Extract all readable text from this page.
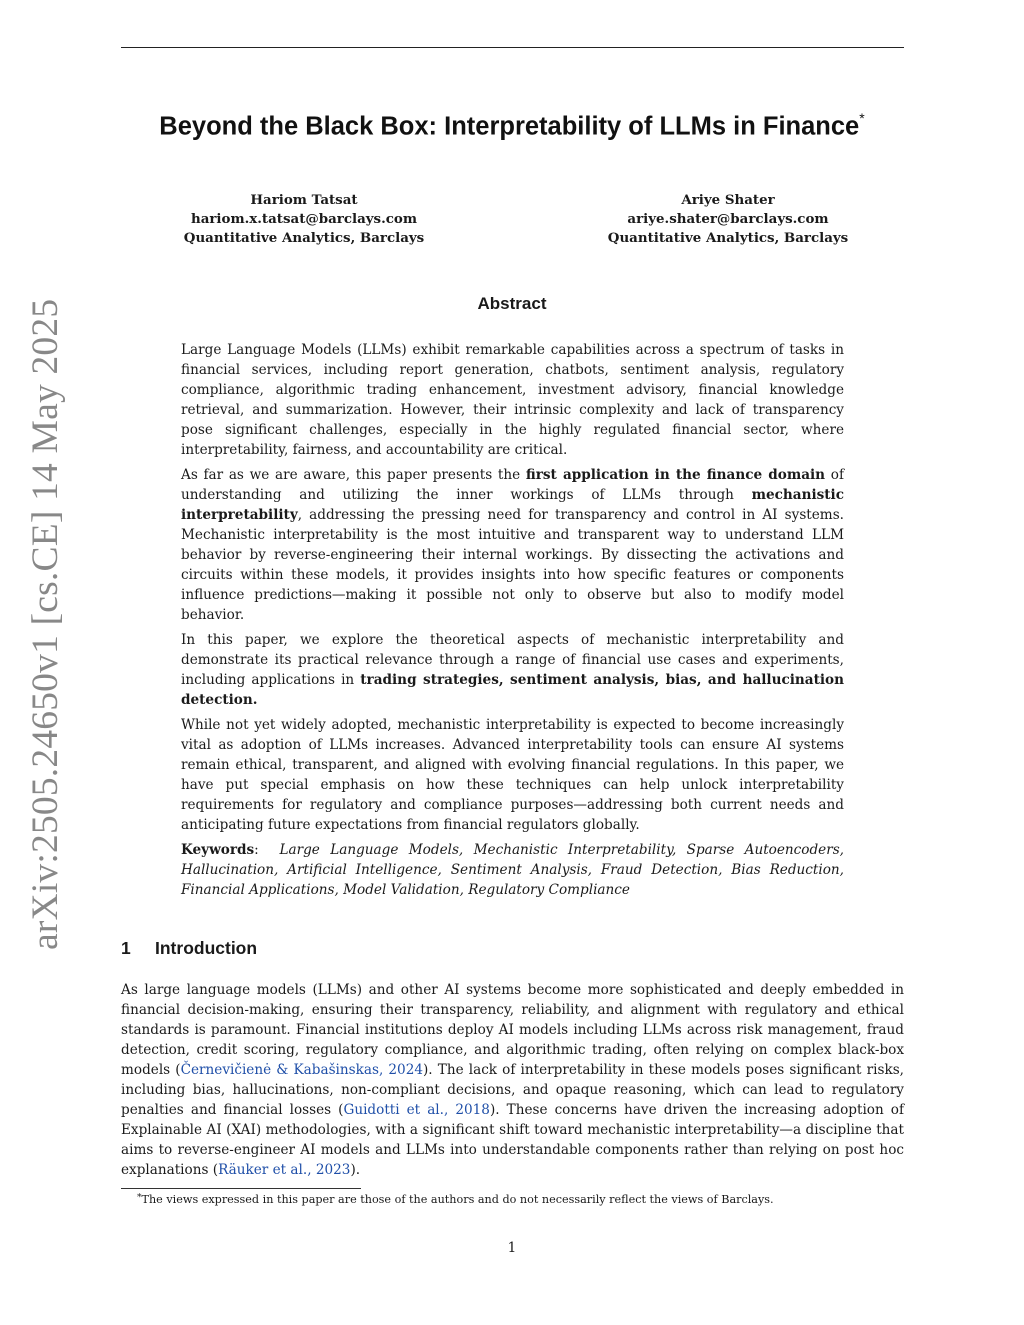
arXiv:2505.24650v1 [cs.CE] 14 May 2025
Beyond the Black Box: Interpretability of LLMs in Finance*
Hariom Tatsat
hariom.x.tatsat@barclays.com
Quantitative Analytics, Barclays
Ariye Shater
ariye.shater@barclays.com
Quantitative Analytics, Barclays
Abstract

Large Language Models (LLMs) exhibit remarkable capabilities across a spectrum of tasks in financial services, including report generation, chatbots, sentiment analysis, regulatory compliance, algorithmic trading enhancement, investment advisory, financial knowledge retrieval, and summarization. However, their intrinsic complexity and lack of transparency pose significant challenges, especially in the highly regulated financial sector, where interpretability, fairness, and accountability are critical.

As far as we are aware, this paper presents the first application in the finance domain of understanding and utilizing the inner workings of LLMs through mechanistic interpretability, addressing the pressing need for transparency and control in AI systems. Mechanistic interpretability is the most intuitive and transparent way to understand LLM behavior by reverse-engineering their internal workings. By dissecting the activations and circuits within these models, it provides insights into how specific features or components influence predictions—making it possible not only to observe but also to modify model behavior.

In this paper, we explore the theoretical aspects of mechanistic interpretability and demonstrate its practical relevance through a range of financial use cases and experiments, including applications in trading strategies, sentiment analysis, bias, and hallucination detection.

While not yet widely adopted, mechanistic interpretability is expected to become increasingly vital as adoption of LLMs increases. Advanced interpretability tools can ensure AI systems remain ethical, transparent, and aligned with evolving financial regulations. In this paper, we have put special emphasis on how these techniques can help unlock interpretability requirements for regulatory and compliance purposes—addressing both current needs and anticipating future expectations from financial regulators globally.

Keywords:  Large Language Models, Mechanistic Interpretability, Sparse Autoencoders, Hallucination, Artificial Intelligence, Sentiment Analysis, Fraud Detection, Bias Reduction, Financial Applications, Model Validation, Regulatory Compliance

1 Introduction

As large language models (LLMs) and other AI systems become more sophisticated and deeply embedded in financial decision-making, ensuring their transparency, reliability, and alignment with regulatory and ethical standards is paramount. Financial institutions deploy AI models including LLMs across risk management, fraud detection, credit scoring, regulatory compliance, and algorithmic trading, often relying on complex black-box models (Černevičienė & Kabašinskas, 2024). The lack of interpretability in these models poses significant risks, including bias, hallucinations, non-compliant decisions, and opaque reasoning, which can lead to regulatory penalties and financial losses (Guidotti et al., 2018). These concerns have driven the increasing adoption of Explainable AI (XAI) methodologies, with a significant shift toward mechanistic interpretability—a discipline that aims to reverse-engineer AI models and LLMs into understandable components rather than relying on post hoc explanations (Räuker et al., 2023).

*The views expressed in this paper are those of the authors and do not necessarily reflect the views of Barclays.
1
